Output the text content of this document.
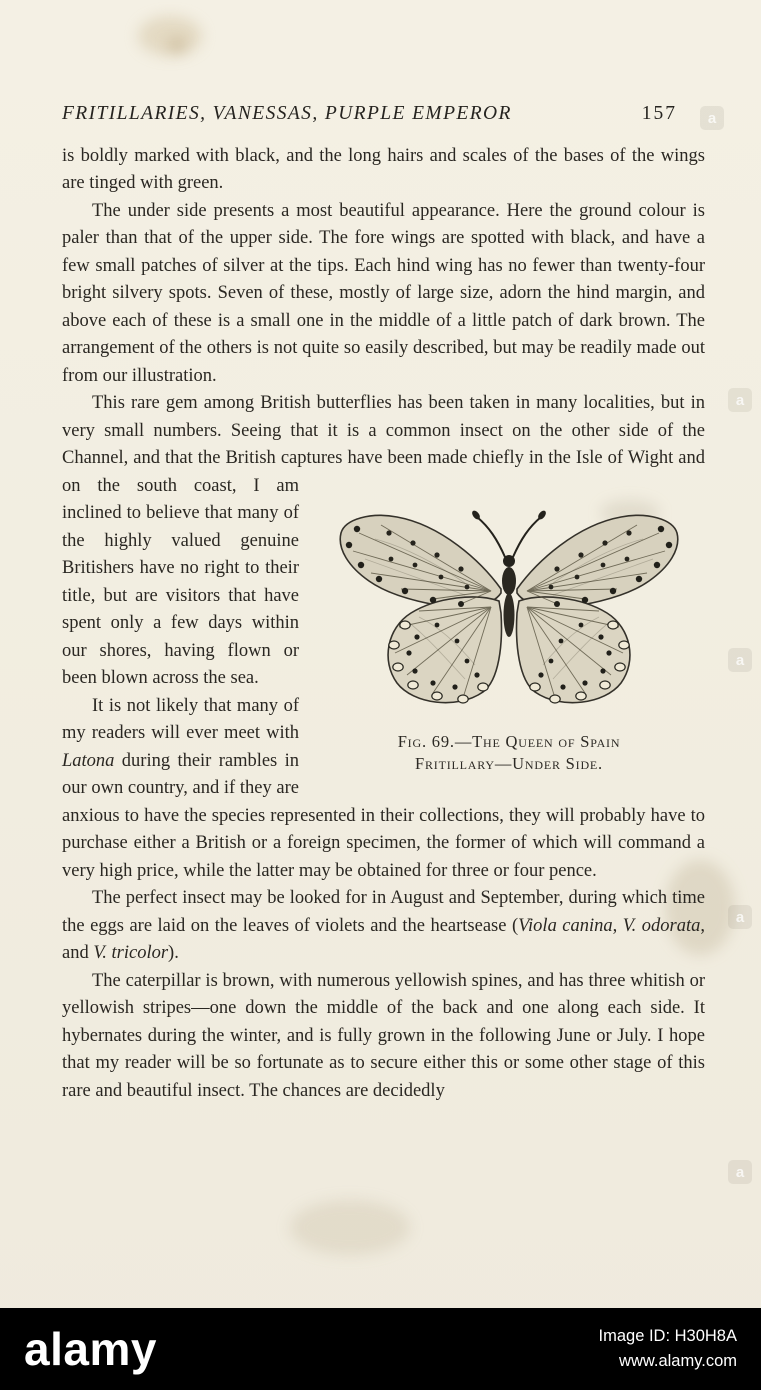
a
a
a
a
a
FRITILLARIES, VANESSAS, PURPLE EMPEROR	157

is boldly marked with black, and the long hairs and scales of the bases of the wings are tinged with green.

The under side presents a most beautiful appearance. Here the ground colour is paler than that of the upper side. The fore wings are spotted with black, and have a few small patches of silver at the tips. Each hind wing has no fewer than twenty-four bright silvery spots. Seven of these, mostly of large size, adorn the hind margin, and above each of these is a small one in the middle of a little patch of dark brown. The arrangement of the others is not quite so easily described, but may be readily made out from our illustration.

This rare gem among British butterflies has been taken in many localities, but in very small numbers. Seeing that it is a common insect on the other side of the Channel, and that the British captures have been made chiefly in the Isle of Wight and
Fig. 69.—The Queen of Spain
Fritillary—Under Side.
on the south coast, I am inclined to believe that many of the highly valued genuine Britishers have no right to their title, but are visitors that have spent only a few days within our shores, having flown or been blown across the sea.

It is not likely that many of my readers will ever meet with Latona during their rambles in our own country, and if they are anxious to have the species represented in their collections, they will probably have to purchase either a British or a foreign specimen, the former of which will command a very high price, while the latter may be obtained for three or four pence.

The perfect insect may be looked for in August and September, during which time the eggs are laid on the leaves of violets and the heartsease (Viola canina, V. odorata, and V. tricolor).

The caterpillar is brown, with numerous yellowish spines, and has three whitish or yellowish stripes—one down the middle of the back and one along each side. It hybernates during the winter, and is fully grown in the following June or July. I hope that my reader will be so fortunate as to secure either this or some other stage of this rare and beautiful insect. The chances are decidedly

alamy	Image ID: H30H8A
www.alamy.com
